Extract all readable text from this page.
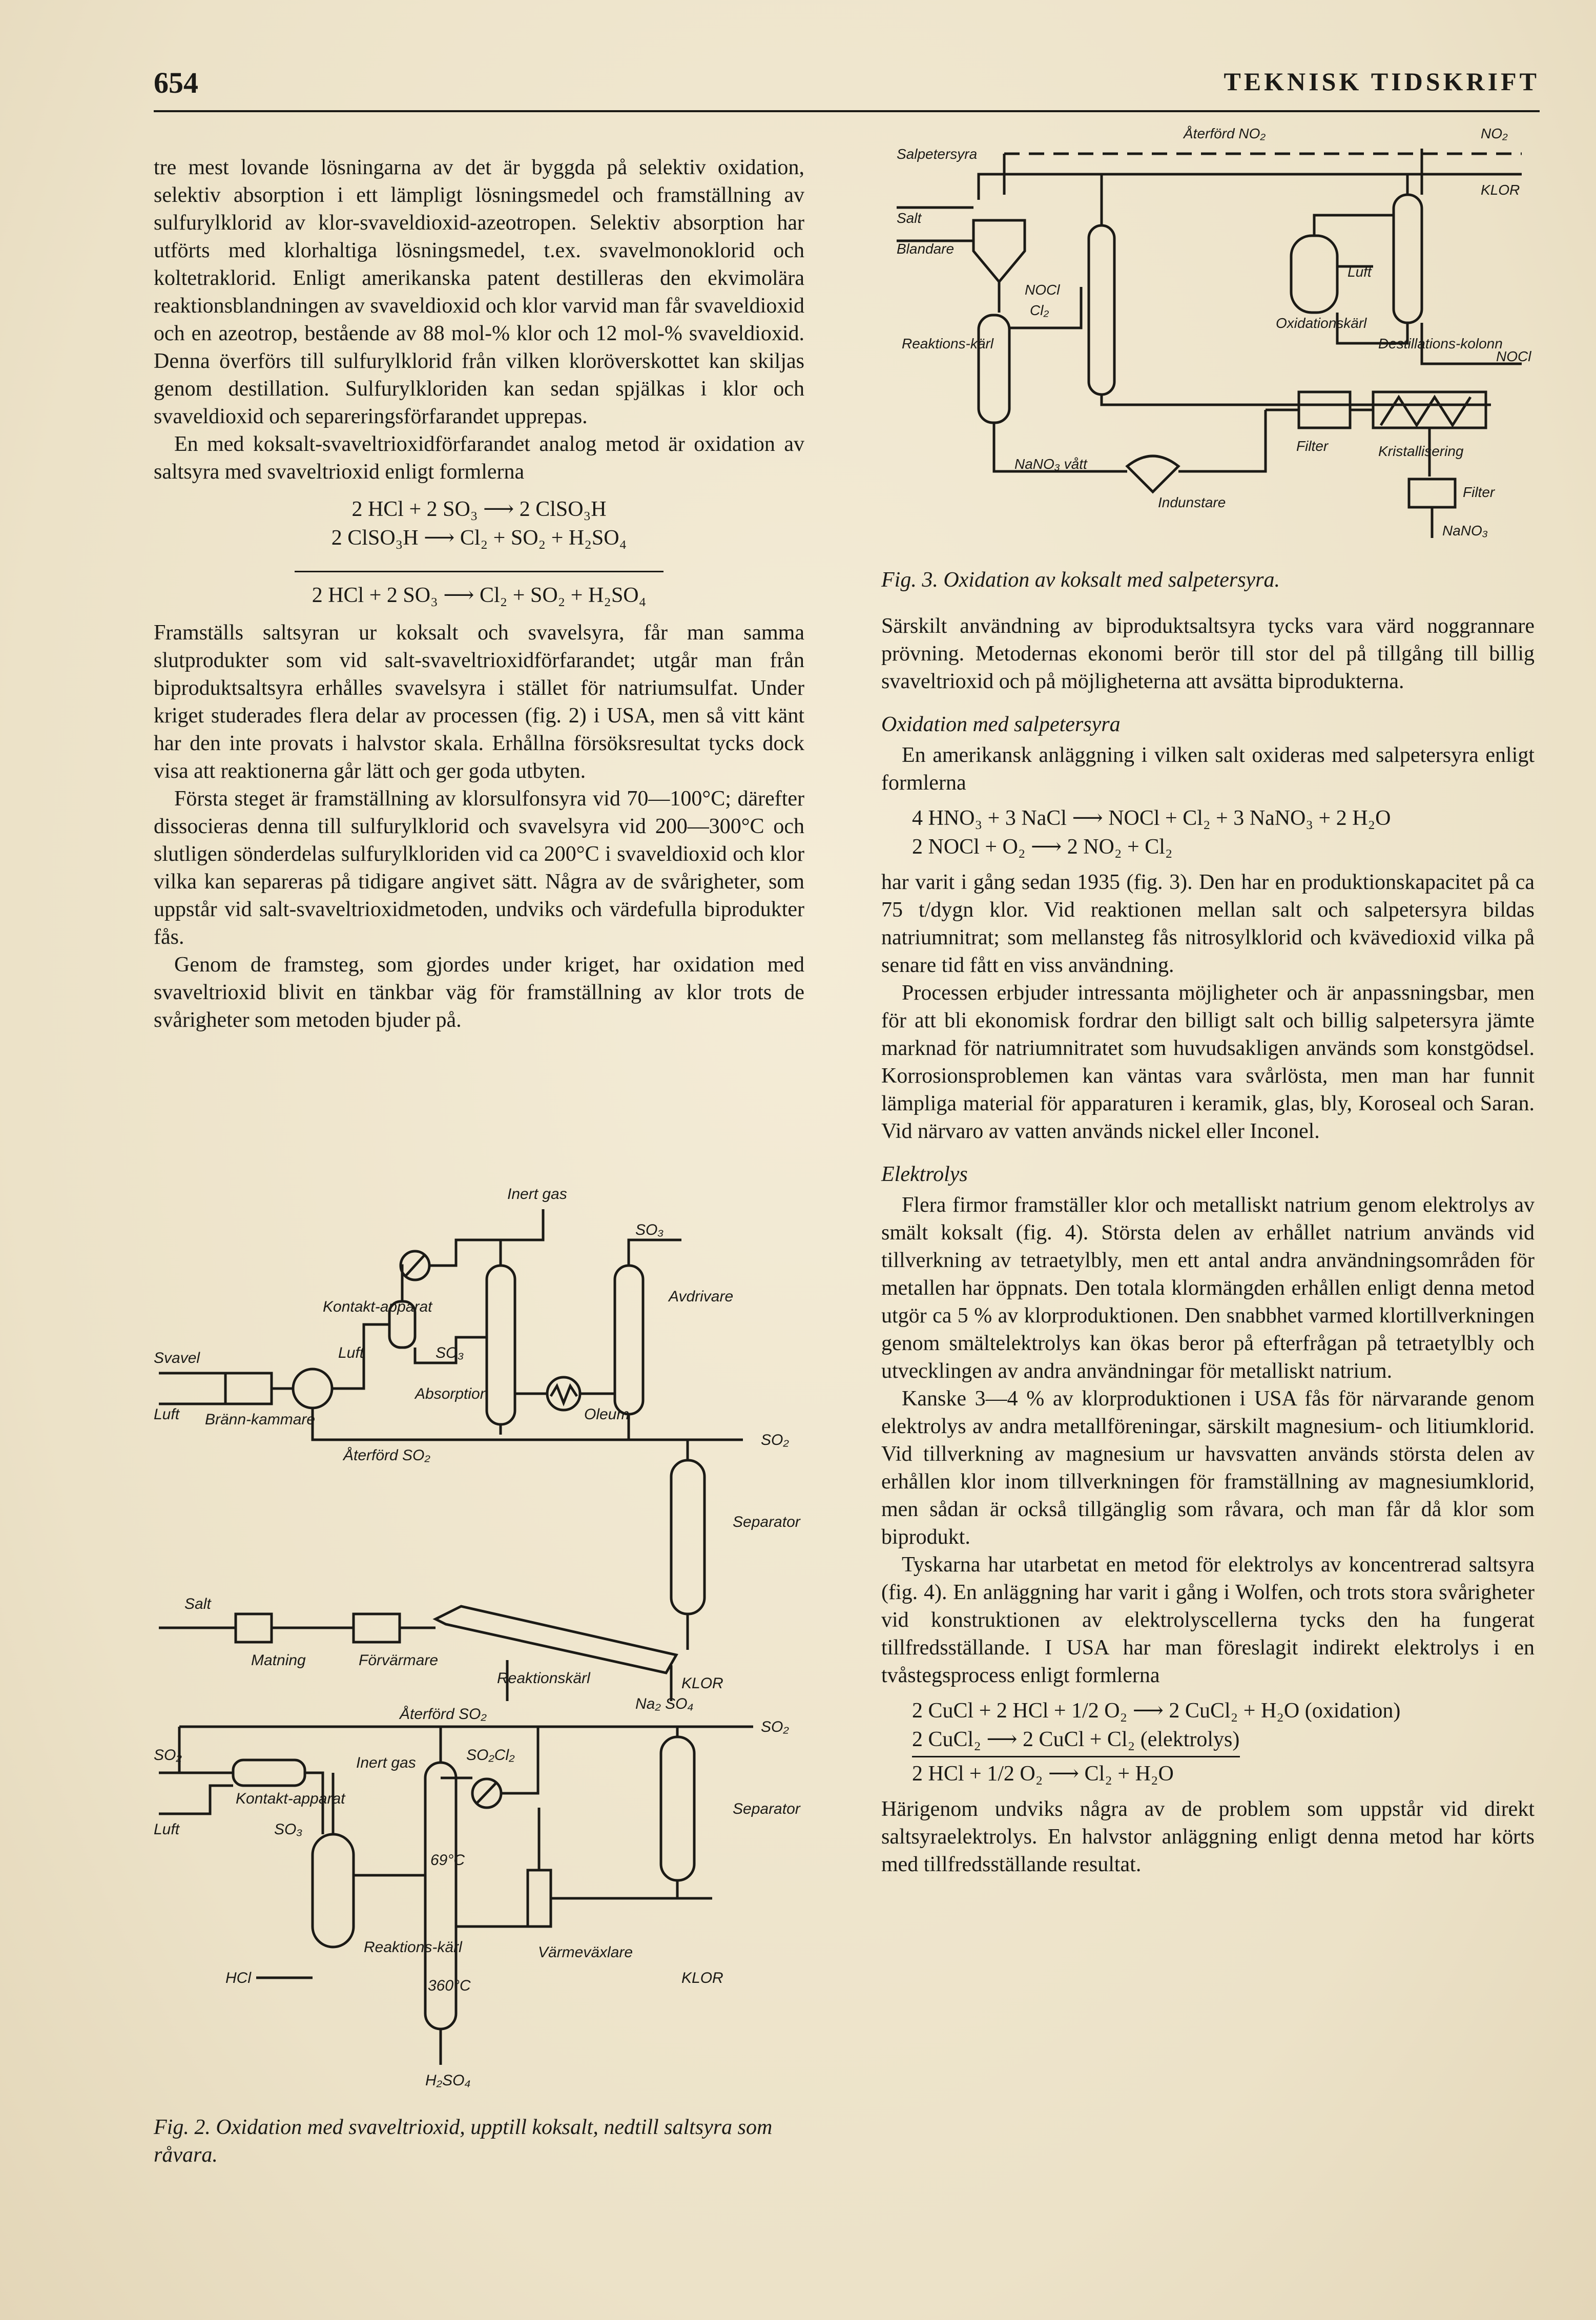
654	TEKNISK TIDSKRIFT

tre mest lovande lösningarna av det är byggda på selektiv oxidation, selektiv absorption i ett lämpligt lösningsmedel och framställning av sulfurylklorid av klor-svaveldioxid-azeotropen. Selektiv absorption har utförts med klorhaltiga lösningsmedel, t.ex. svavelmonoklorid och koltetraklorid. Enligt amerikanska patent destilleras den ekvimolära reaktionsblandningen av svaveldioxid och klor varvid man får svaveldioxid och en azeotrop, bestående av 88 mol-% klor och 12 mol-% svaveldioxid. Denna överförs till sulfurylklorid från vilken kloröverskottet kan skiljas genom destillation. Sulfurylkloriden kan sedan spjälkas i klor och svaveldioxid och separeringsförfarandet upprepas.

En med koksalt-svaveltrioxidförfarandet analog metod är oxidation av saltsyra med svaveltrioxid enligt formlerna

2 HCl + 2 SO₃ ⟶ 2 ClSO₃H
2 ClSO₃H ⟶ Cl₂ + SO₂ + H₂SO₄
2 HCl + 2 SO₃ ⟶ Cl₂ + SO₂ + H₂SO₄

Framställs saltsyran ur koksalt och svavelsyra, får man samma slutprodukter som vid salt-svaveltrioxidförfarandet; utgår man från biproduktsaltsyra erhålles svavelsyra i stället för natriumsulfat. Under kriget studerades flera delar av processen (fig. 2) i USA, men så vitt känt har den inte provats i halvstor skala. Erhållna försöksresultat tycks dock visa att reaktionerna går lätt och ger goda utbyten.

Första steget är framställning av klorsulfonsyra vid 70—100°C; därefter dissocieras denna till sulfurylklorid och svavelsyra vid 200—300°C och slutligen sönderdelas sulfurylkloriden vid ca 200°C i svaveldioxid och klor vilka kan separeras på tidigare angivet sätt. Några av de svårigheter, som uppstår vid salt-svaveltrioxidmetoden, undviks och värdefulla biprodukter fås.

Genom de framsteg, som gjordes under kriget, har oxidation med svaveltrioxid blivit en tänkbar väg för framställning av klor trots de svårigheter som metoden bjuder på.

Inert gas
SO₃
Avdrivare
Kontakt-apparat
Svavel
Luft
Luft	SO₃
Absorption
Oleum
Bränn-kammare
Återförd SO₂
SO₂
Separator
Salt
Matning	Förvärmare
Reaktionskärl	KLOR
Na₂ SO₄
Återförd SO₂
SO₂
SO₂
Kontakt-apparat
Inert gas	SO₂Cl₂
Separator
Luft	SO₃
69°C
360°C
HCl
Reaktions-kärl	Värmeväxlare
KLOR
H₂SO₄
Fig. 2. Oxidation med svaveltrioxid, upptill koksalt, nedtill saltsyra som råvara.
Salpetersyra
Återförd NO₂	NO₂
KLOR
Salt
Blandare
NOCl
Cl₂
Luft
Oxidationskärl
Reaktions-kärl	Destillations-kolonn
NOCl
Filter	Kristallisering
NaNO₃ vått
Indunstare
Filter
NaNO₃
Fig. 3. Oxidation av koksalt med salpetersyra.

Särskilt användning av biproduktsaltsyra tycks vara värd noggrannare prövning. Metodernas ekonomi berör till stor del på tillgång till billig svaveltrioxid och på möjligheterna att avsätta biprodukterna.

Oxidation med salpetersyra

En amerikansk anläggning i vilken salt oxideras med salpetersyra enligt formlerna

4 HNO₃ + 3 NaCl ⟶ NOCl + Cl₂ + 3 NaNO₃ + 2 H₂O
2 NOCl + O₂ ⟶ 2 NO₂ + Cl₂

har varit i gång sedan 1935 (fig. 3). Den har en produktionskapacitet på ca 75 t/dygn klor. Vid reaktionen mellan salt och salpetersyra bildas natriumnitrat; som mellansteg fås nitrosylklorid och kvävedioxid vilka på senare tid fått en viss användning.

Processen erbjuder intressanta möjligheter och är anpassningsbar, men för att bli ekonomisk fordrar den billigt salt och billig salpetersyra jämte marknad för natriumnitratet som huvudsakligen används som konstgödsel. Korrosionsproblemen kan väntas vara svårlösta, men man har funnit lämpliga material för apparaturen i keramik, glas, bly, Koroseal och Saran. Vid närvaro av vatten används nickel eller Inconel.

Elektrolys

Flera firmor framställer klor och metalliskt natrium genom elektrolys av smält koksalt (fig. 4). Största delen av erhållet natrium används vid tillverkning av tetraetylbly, men ett antal andra användningsområden för metallen har öppnats. Den totala klormängden erhållen enligt denna metod utgör ca 5 % av klorproduktionen. Den snabbhet varmed klortillverkningen genom smältelektrolys kan ökas beror på efterfrågan på tetraetylbly och utvecklingen av andra användningar för metalliskt natrium.

Kanske 3—4 % av klorproduktionen i USA fås för närvarande genom elektrolys av andra metallföreningar, särskilt magnesium- och litiumklorid. Vid tillverkning av magnesium ur havsvatten används största delen av erhållen klor inom tillverkningen för framställning av magnesiumklorid, men sådan är också tillgänglig som råvara, och man får då klor som biprodukt.

Tyskarna har utarbetat en metod för elektrolys av koncentrerad saltsyra (fig. 4). En anläggning har varit i gång i Wolfen, och trots stora svårigheter vid konstruktionen av elektrolyscellerna tycks den ha fungerat tillfredsställande. I USA har man föreslagit indirekt elektrolys i en tvåstegsprocess enligt formlerna

2 CuCl + 2 HCl + 1/2 O₂ ⟶ 2 CuCl₂ + H₂O (oxidation)
2 CuCl₂ ⟶ 2 CuCl + Cl₂ (elektrolys)
2 HCl + 1/2 O₂ ⟶ Cl₂ + H₂O

Härigenom undviks några av de problem som uppstår vid direkt saltsyraelektrolys. En halvstor anläggning enligt denna metod har körts med tillfredsställande resultat.
